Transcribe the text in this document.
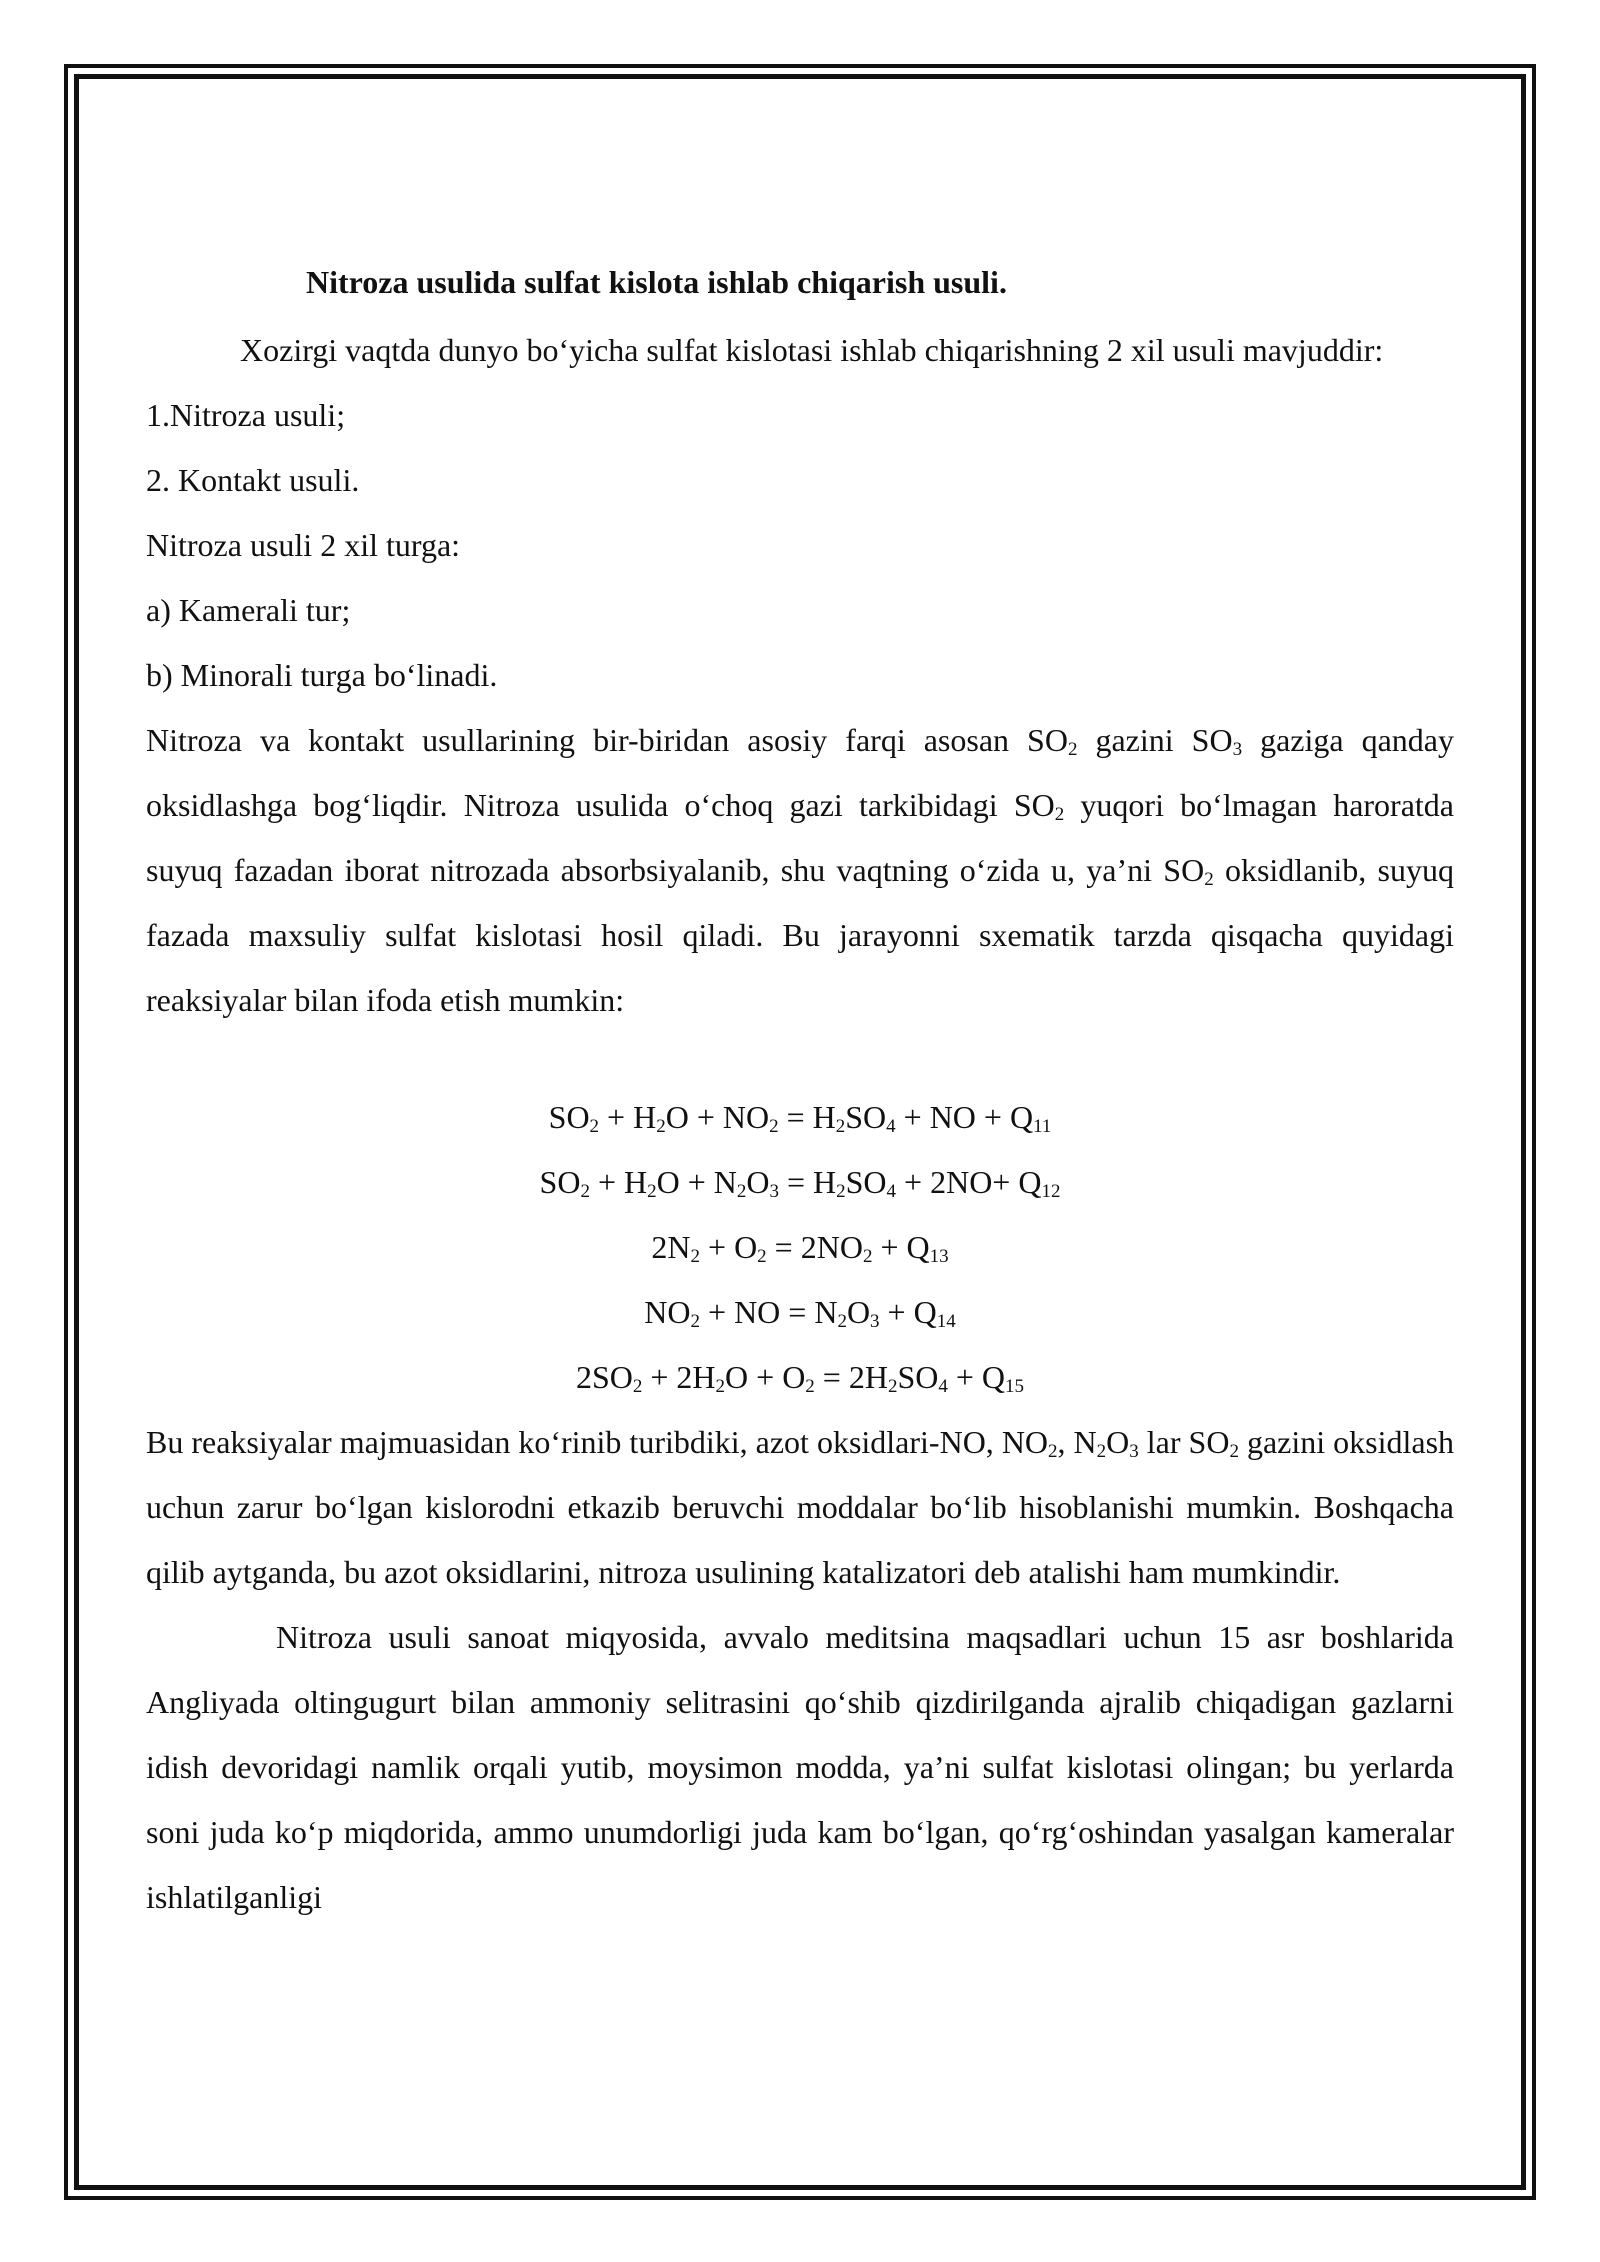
Nitroza usulida sulfat kislota ishlab chiqarish usuli.

Xozirgi vaqtda dunyo bo‘yicha sulfat kislotasi ishlab chiqarishning 2 xil usuli mavjuddir:

1.Nitroza usuli;

2. Kontakt usuli.

Nitroza usuli 2 xil turga:

a) Kamerali tur;

b) Minorali turga bo‘linadi.

Nitroza va kontakt usullarining bir-biridan asosiy farqi asosan $SO_2$ gazini $SO_3$ gaziga qanday oksidlashga bog‘liqdir. Nitroza usulida o‘choq gazi tarkibidagi $SO_2$ yuqori bo‘lmagan haroratda suyuq fazadan iborat nitrozada absorbsiyalanib, shu vaqtning o‘zida u, ya’ni $SO_2$ oksidlanib, suyuq fazada maxsuliy sulfat kislotasi hosil qiladi. Bu jarayonni sxematik tarzda qisqacha quyidagi reaksiyalar bilan ifoda etish mumkin:

$SO_2 + H_2O + NO_2 = H_2SO_4$ + NO + $Q_{11}$

$SO_2 + H_2O + N_2O_3 = H_2SO_4 + 2NO+ Q_{12}$

$2N_2 + O_2 = 2NO_2 + Q_{13}$

$NO_2$ + NO = $N_2O_3 + Q_{14}$

$2SO_2 + 2H_2O + O_2 = 2H_2SO_4 + Q_{15}$

Bu reaksiyalar majmuasidan ko‘rinib turibdiki, azot oksidlari-NO, $NO_2$, $N_2O_3$ lar $SO_2$ gazini oksidlash uchun zarur bo‘lgan kislorodni etkazib beruvchi moddalar bo‘lib hisoblanishi mumkin. Boshqacha qilib aytganda, bu azot oksidlarini, nitroza usulining katalizatori deb atalishi ham mumkindir.

Nitroza usuli sanoat miqyosida, avvalo meditsina maqsadlari uchun 15 asr boshlarida Angliyada oltingugurt bilan ammoniy selitrasini qo‘shib qizdirilganda ajralib chiqadigan gazlarni idish devoridagi namlik orqali yutib, moysimon modda, ya’ni sulfat kislotasi olingan; bu yerlarda soni juda ko‘p miqdorida, ammo unumdorligi juda kam bo‘lgan, qo‘rg‘oshindan yasalgan kameralar ishlatilganligi
